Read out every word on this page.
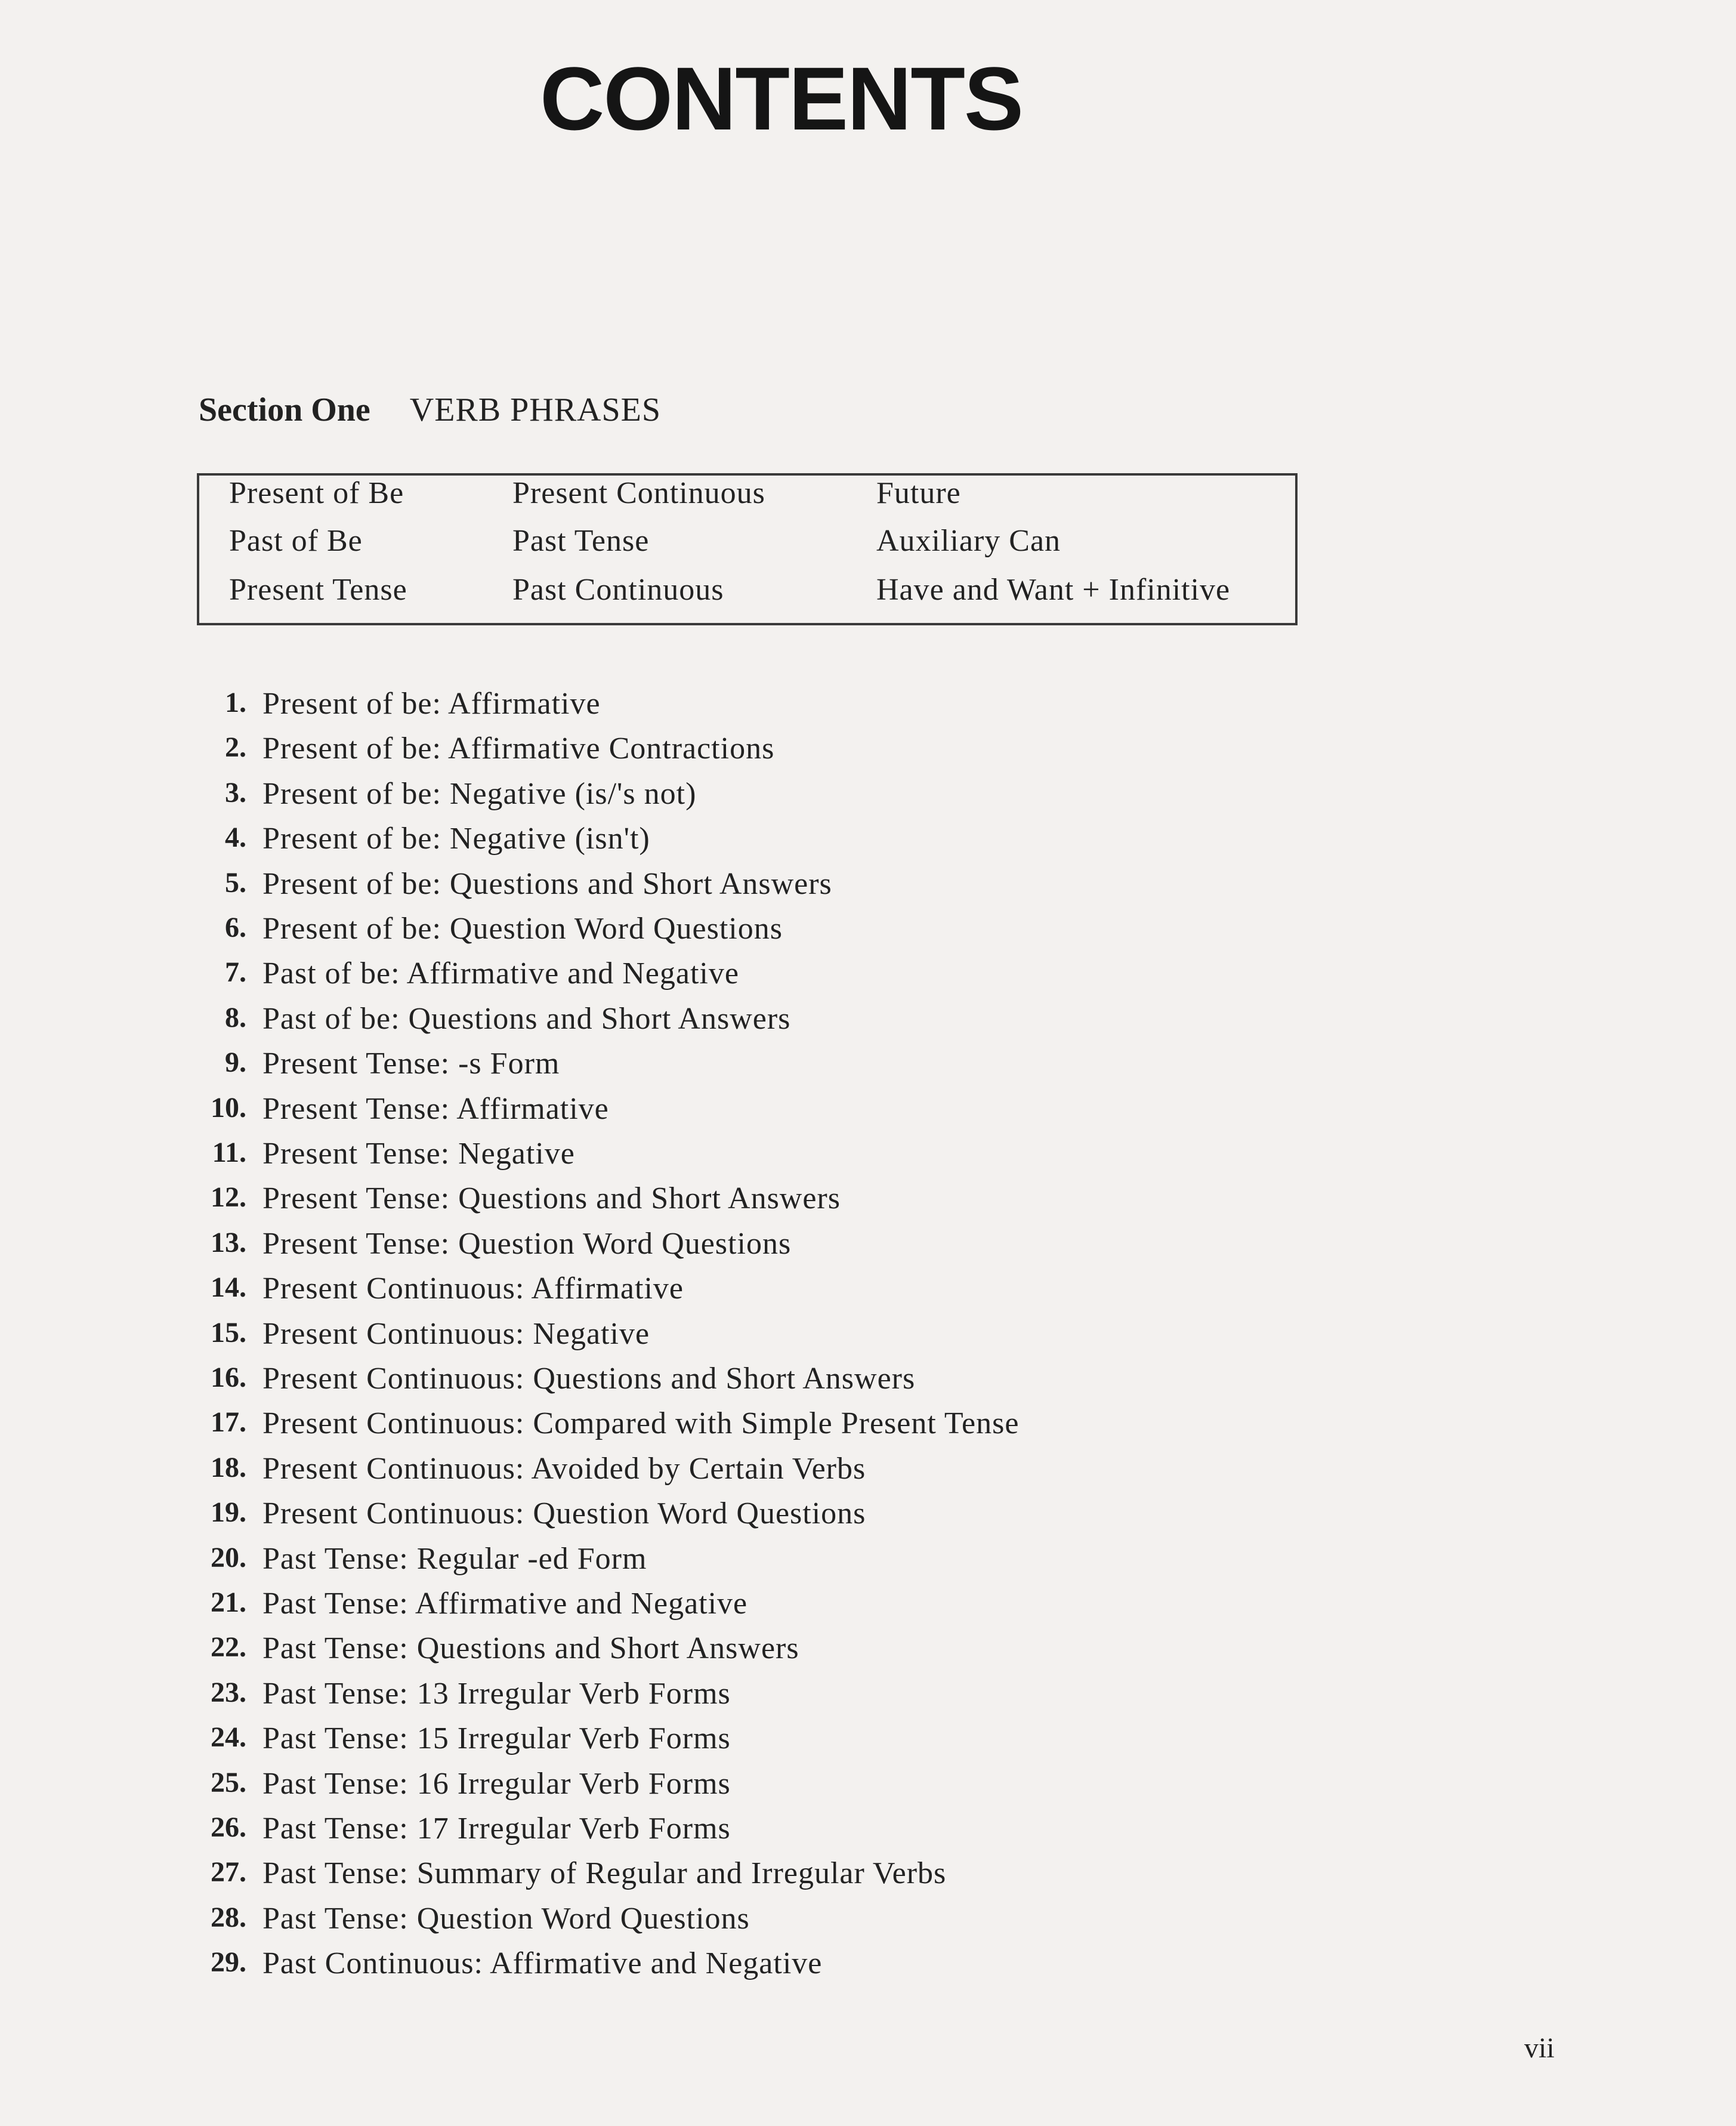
CONTENTS
Section One VERB PHRASES
Present of Be	Present Continuous	Future
Past of Be	Past Tense	Auxiliary Can
Present Tense	Past Continuous	Have and Want + Infinitive
1. Present of be: Affirmative
2. Present of be: Affirmative Contractions
3. Present of be: Negative (is/'s not)
4. Present of be: Negative (isn't)
5. Present of be: Questions and Short Answers
6. Present of be: Question Word Questions
7. Past of be: Affirmative and Negative
8. Past of be: Questions and Short Answers
9. Present Tense: -s Form
10. Present Tense: Affirmative
11. Present Tense: Negative
12. Present Tense: Questions and Short Answers
13. Present Tense: Question Word Questions
14. Present Continuous: Affirmative
15. Present Continuous: Negative
16. Present Continuous: Questions and Short Answers
17. Present Continuous: Compared with Simple Present Tense
18. Present Continuous: Avoided by Certain Verbs
19. Present Continuous: Question Word Questions
20. Past Tense: Regular -ed Form
21. Past Tense: Affirmative and Negative
22. Past Tense: Questions and Short Answers
23. Past Tense: 13 Irregular Verb Forms
24. Past Tense: 15 Irregular Verb Forms
25. Past Tense: 16 Irregular Verb Forms
26. Past Tense: 17 Irregular Verb Forms
27. Past Tense: Summary of Regular and Irregular Verbs
28. Past Tense: Question Word Questions
29. Past Continuous: Affirmative and Negative
vii
